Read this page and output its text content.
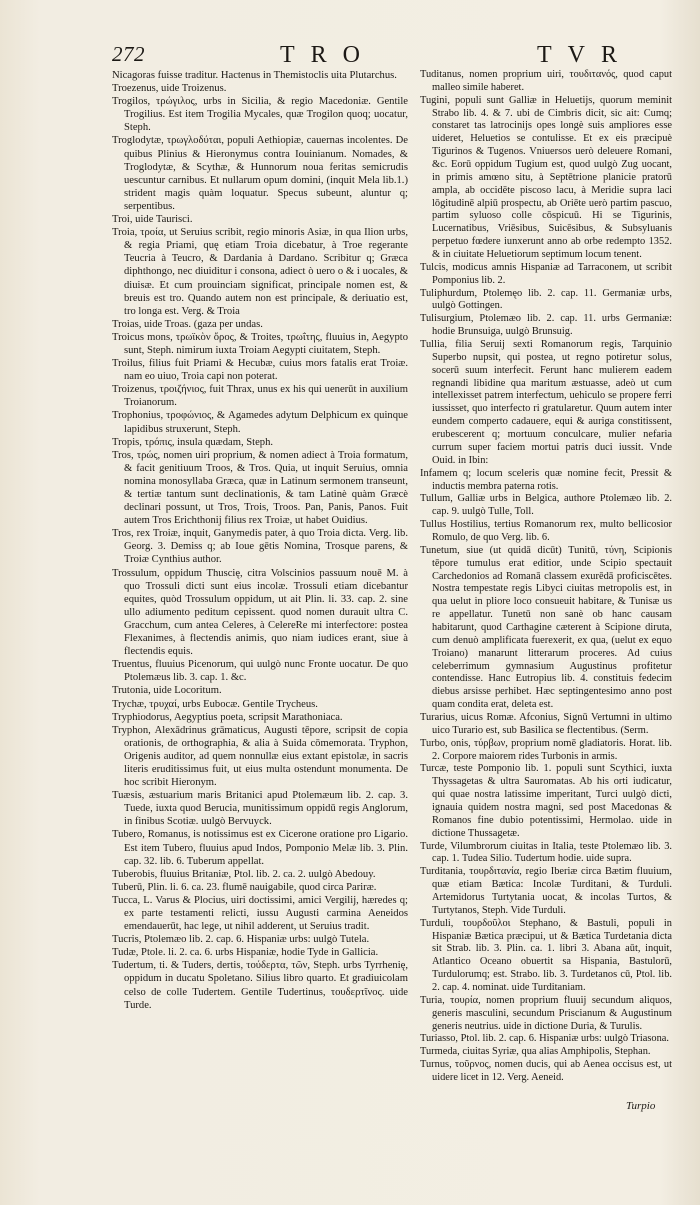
272	TRO	TVR

Nicagoras fuisse traditur. Hactenus in Themistoclis uita Plutarchus.

Troezenus, uide Troizenus.

Trogilos, τρώγιλος, urbs in Sicilia, & regio Macedoniæ. Gentile Trogilius. Est item Trogilia Mycales, quæ Trogilon quoq; uocatur, Steph.

Troglodytæ, τρωγλοδύται, populi Aethiopiæ, cauernas incolentes. De quibus Plinius & Hieronymus contra Iouinianum. Nomades, & Troglodytæ, & Scythæ, & Hunnorum noua feritas semicrudis uescuntur carnibus. Et nullarum opum domini, (inquit Mela lib.1.) strident magis quàm loquatur. Specus subeunt, aluntur q; serpentibus.

Troi, uide Taurisci.

Troia, τροία, ut Seruius scribit, regio minoris Asiæ, in qua Ilion urbs, & regia Priami, quę etiam Troia dicebatur, à Troe regerante Teucria à Teucro, & Dardania à Dardano. Scribitur q; Græca diphthongo, nec diuiditur i consona, adiect ò uero o & i uocales, & diuisæ. Et cum prouinciam significat, principale nomen est, & breuis est tro. Quando autem non est principale, & deriuatio est, tro longa est. Verg. & Troia

Troias, uide Troas. (gaza per undas.

Troicus mons, τρωϊκὸν ὄρος, & Troites, τρωΐτης, fluuius in, Aegypto sunt, Steph. nimirum iuxta Troiam Aegypti ciuitatem, Steph.

Troilus, filius fuit Priami & Hecubæ, cuius mors fatalis erat Troiæ. nam eo uiuo, Troia capi non poterat.

Troizenus, τροιζήνιος, fuit Thrax, unus ex his qui uenerūt in auxilium Troianorum.

Trophonius, τροφώνιος, & Agamedes adytum Delphicum ex quinque lapidibus struxerunt, Steph.

Tropis, τρόπις, insula quædam, Steph.

Tros, τρώς, nomen uiri proprium, & nomen adiect à Troia formatum, & facit genitiuum Troos, & Tros. Quia, ut inquit Seruius, omnia nomina monosyllaba Græca, quæ in Latinum sermonem transeunt, & tertiæ tantum sunt declinationis, & tam Latinè quàm Græcè declinari possunt, ut Tros, Trois, Troos. Pan, Panis, Panos. Fuit autem Tros Erichthonij filius rex Troiæ, ut habet Ouidius.

Tros, rex Troiæ, inquit, Ganymedis pater, à quo Troia dicta. Verg. lib. Georg. 3. Demiss q; ab Ioue gētis Nomina, Trosque parens, & Troiæ Cynthius author.

Trossulum, oppidum Thuscię, citra Volscinios passuum nouē M. à quo Trossuli dicti sunt eius incolæ. Trossuli etiam dicebantur equites, quòd Trossulum oppidum, ut ait Plin. li. 33. cap. 2. sine ullo adiumento peditum cepissent. quod nomen durauit ultra C. Gracchum, cum antea Celeres, à CelereRe mi interfectore: postea Flexanimes, à flectendis animis, quo niam iudices erant, siue à flectendis equis.

Truentus, fluuius Picenorum, qui uulgò nunc Fronte uocatur. De quo Ptolemæus lib. 3. cap. 1. &c.

Trutonia, uide Locoritum.

Trychæ, τρυχαί, urbs Eubocæ. Gentile Trycheus.

Tryphiodorus, Aegyptius poeta, scripsit Marathoniaca.

Tryphon, Alexādrinus grāmaticus, Augusti tēpore, scripsit de copia orationis, de orthographia, & alia à Suida cōmemorata. Tryphon, Origenis auditor, ad quem nonnullæ eius extant epistolæ, in sacris literis eruditissimus fuit, ut eius multa ostendunt monumenta. De hoc scribit Hieronym.

Tuæsis, æstuarium maris Britanici apud Ptolemæum lib. 2. cap. 3. Tuede, iuxta quod Berucia, munitissimum oppidū regis Anglorum, in finibus Scotiæ. uulgò Bervuyck.

Tubero, Romanus, is notissimus est ex Cicerone oratione pro Ligario. Est item Tubero, fluuius apud Indos, Pomponio Melæ lib. 3. Plin. cap. 32. lib. 6. Tuberum appellat.

Tuberobis, fluuius Britaniæ, Ptol. lib. 2. ca. 2. uulgò Abedouy.

Tuberū, Plin. li. 6. ca. 23. flumē nauigabile, quod circa Pariræ.

Tucca, L. Varus & Plocius, uiri doctissimi, amici Vergilij, hæredes q; ex parte testamenti relicti, iussu Augusti carmina Aeneidos emendauerūt, hac lege, ut nihil adderent, ut Seruius tradit.

Tucris, Ptolemæo lib. 2. cap. 6. Hispaniæ urbs: uulgò Tutela.

Tudæ, Ptole. li. 2. ca. 6. urbs Hispaniæ, hodie Tyde in Gallicia.

Tudertum, ti. & Tuders, dertis, τούδερτα, τῶν, Steph. urbs Tyrrhenię, oppidum in ducatu Spoletano. Silius libro quarto. Et gradiuicolam celso de colle Tudertem. Gentile Tudertinus, τουδερτῖνος. uide Turde.

Tuditanus, nomen proprium uiri, τουδιτανός, quod caput malleo simile haberet.

Tugini, populi sunt Galliæ in Heluetijs, quorum meminit Strabo lib. 4. & 7. ubi de Cimbris dicit, sic ait: Cumq; constaret tas latrocinijs opes longè suis ampliores esse uideret, Heluetios se contulisse. Et ex eis præcipuè Tigurinos & Tugenos. Vniuersos uerò deleuere Romani, &c. Eorū oppidum Tugium est, quod uulgò Zug uocant, in primis amœno situ, à Septētrione planicie pratorū ampla, ab occidēte piscoso lacu, à Meridie supra laci lōgitudinē alpiū prospectu, ab Oriēte uerò partim pascuo, partim syluoso colle cōspicuū. Hi se Tigurinis, Lucernatibus, Vriēsibus, Suicēsibus, & Subsyluanis perpetuo fœdere iunxerunt anno ab orbe redempto 1352. & in ciuitate Heluetiorum septimum locum tenent.

Tulcis, modicus amnis Hispaniæ ad Tarraconem, ut scribit Pomponius lib. 2.

Tuliphurdum, Ptolemęo lib. 2. cap. 11. Germaniæ urbs, uulgò Gottingen.

Tulisurgium, Ptolemæo lib. 2. cap. 11. urbs Germaniæ: hodie Brunsuiga, uulgò Brunsuig.

Tullia, filia Seruij sexti Romanorum regis, Tarquinio Superbo nupsit, qui postea, ut regno potiretur solus, socerū suum interfecit. Ferunt hanc mulierem eadem regnandi libidine qua maritum æstuasse, adeò ut cum intellexisset patrem interfectum, uehiculo se propere ferri iussisset, quo interfecto ri gratularetur. Quum autem inter eundem comperto cadauere, equi & auriga constitissent, erubescerent q; mortuum conculcare, mulier nefaria currum super faciem mortui patris duci iussit. Vnde Ouid. in Ibin:

Infamem q; locum sceleris quæ nomine fecit, Pressit & inductis membra paterna rotis.

Tullum, Galliæ urbs in Belgica, authore Ptolemæo lib. 2. cap. 9. uulgò Tulle, Toll.

Tullus Hostilius, tertius Romanorum rex, multo bellicosior Romulo, de quo Verg. lib. 6.

Tunetum, siue (ut quidā dicūt) Tunitū, τύνη, Scipionis tēpore tumulus erat editior, unde Scipio spectauit Carchedonios ad Romanā classem exurēdā proficiscētes. Nostra tempestate regis Libyci ciuitas metropolis est, in qua uelut in pliore loco consueuit habitare, & Tunisæ us re appellatur. Tunetū non sanè ob hanc causam habitarunt, quod Carthagine cæterent à Scipione diruta, cum denuò amplificata fuerexerit, ex qua, (uelut ex equo Troiano) manarunt litterarum proceres. Ad cuius celeberrimum gymnasium Augustinus profitetur contendisse. Hanc Eutropius lib. 4. constituis fedecim diebus arsisse perhibet. Hæc septingentesimo anno post quam condita erat, deleta est.

Turarius, uicus Romæ. Afconius, Signū Vertumni in ultimo uico Turario est, sub Basilica se flectentibus. (Serm.

Turbo, onis, τύρβων, proprium nomē gladiatoris. Horat. lib. 2. Corpore maiorem rides Turbonis in armis.

Turcæ, teste Pomponio lib. 1. populi sunt Scythici, iuxta Thyssagetas & ultra Sauromatas. Ab his orti iudicatur, qui quae nostra latissime imperitant, Turci uulgò dicti, ignauia quidem nostra magni, sed post Macedonas & Romanos fine dubio potentissimi, Hermolao. uide in dictione Thussagetæ.

Turde, Vilumbrorum ciuitas in Italia, teste Ptolemæo lib. 3. cap. 1. Tudea Silio. Tudertum hodie. uide supra.

Turditania, τουρδιτανία, regio Iberiæ circa Bætim fluuium, quæ etiam Bætica: Incolæ Turditani, & Turduli. Artemidorus Turtytania uocat, & incolas Turtos, & Turtytanos, Steph. Vide Turduli.

Turduli, τουρδοῦλοι Stephano, & Bastuli, populi in Hispaniæ Bætica præcipui, ut & Bætica Turdetania dicta sit Strab. lib. 3. Plin. ca. 1. libri 3. Abana aūt, inquit, Atlantico Oceano obuertit sa Hispania, Bastulorū, Turdulorumq; est. Strabo. lib. 3. Turdetanos cū, Ptol. lib. 2. cap. 4. nominat. uide Turditaniam.

Turia, τουρία, nomen proprium fluuij secundum aliquos, generis masculini, secundum Priscianum & Augustinum generis neutrius. uide in dictione Duria, & Turulis.

Turiasso, Ptol. lib. 2. cap. 6. Hispaniæ urbs: uulgò Triasona.

Turmeda, ciuitas Syriæ, qua alias Amphipolis, Stephan.

Turnus, τοῦρνος, nomen ducis, qui ab Aenea occisus est, ut uidere licet in 12. Verg. Aeneid.

Turpio
